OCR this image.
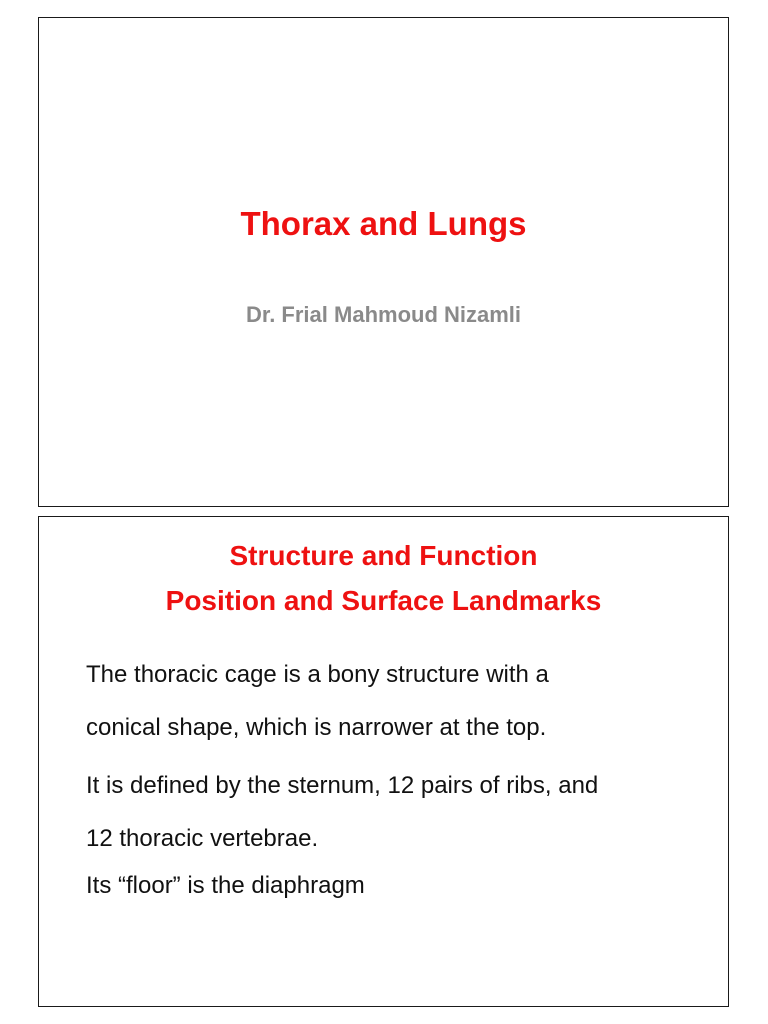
Thorax and Lungs
Dr. Frial Mahmoud Nizamli
Structure and Function
Position and Surface Landmarks
The thoracic cage is a bony structure with a
conical shape, which is narrower at the top.
It is defined by the sternum, 12 pairs of ribs, and
12 thoracic vertebrae.
Its “floor” is the diaphragm
